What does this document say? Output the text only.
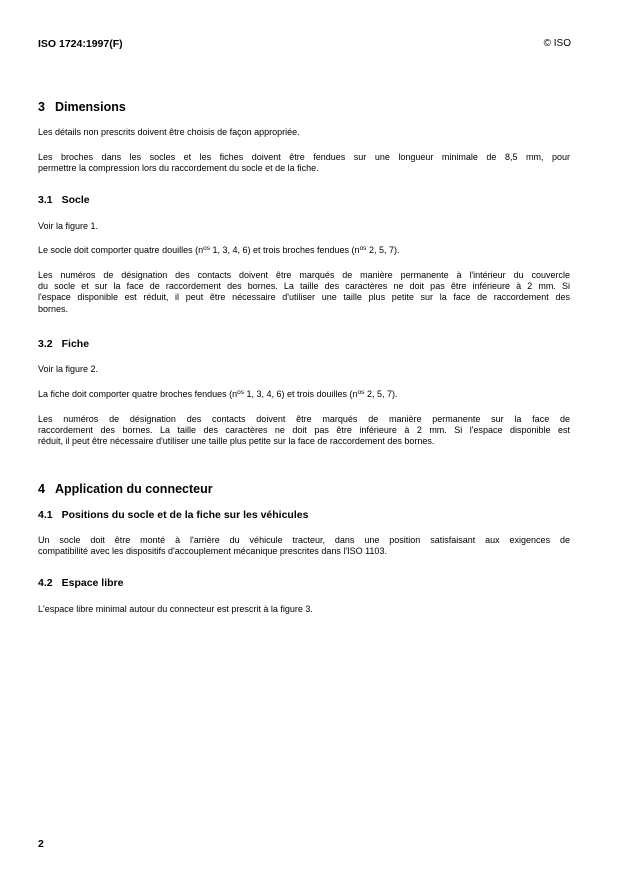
ISO 1724:1997(F)	© ISO
3 Dimensions
Les détails non prescrits doivent être choisis de façon appropriée.
Les broches dans les socles et les fiches doivent être fendues sur une longueur minimale de 8,5 mm, pour
permettre la compression lors du raccordement du socle et de la fiche.
3.1 Socle
Voir la figure 1.
Le socle doit comporter quatre douilles ($n^{os}$ 1, 3, 4, 6) et trois broches fendues ($n^{os}$ 2, 5, 7).
Les numéros de désignation des contacts doivent être marqués de manière permanente à l'intérieur du couvercle
du socle et sur la face de raccordement des bornes. La taille des caractères ne doit pas être inférieure à 2 mm. Si
l'espace disponible est réduit, il peut être nécessaire d'utiliser une taille plus petite sur la face de raccordement des
bornes.
3.2 Fiche
Voir la figure 2.
La fiche doit comporter quatre broches fendues ($n^{os}$ 1, 3, 4, 6) et trois douilles ($n^{os}$ 2, 5, 7).
Les numéros de désignation des contacts doivent être marqués de manière permanente sur la face de
raccordement des bornes. La taille des caractères ne doit pas être inférieure à 2 mm. Si l'espace disponible est
réduit, il peut être nécessaire d'utiliser une taille plus petite sur la face de raccordement des bornes.
4 Application du connecteur
4.1 Positions du socle et de la fiche sur les véhicules
Un socle doit être monté à l'arrière du véhicule tracteur, dans une position satisfaisant aux exigences de
compatibilité avec les dispositifs d'accouplement mécanique prescrites dans l'ISO 1103.
4.2 Espace libre
L'espace libre minimal autour du connecteur est prescrit à la figure 3.
2
